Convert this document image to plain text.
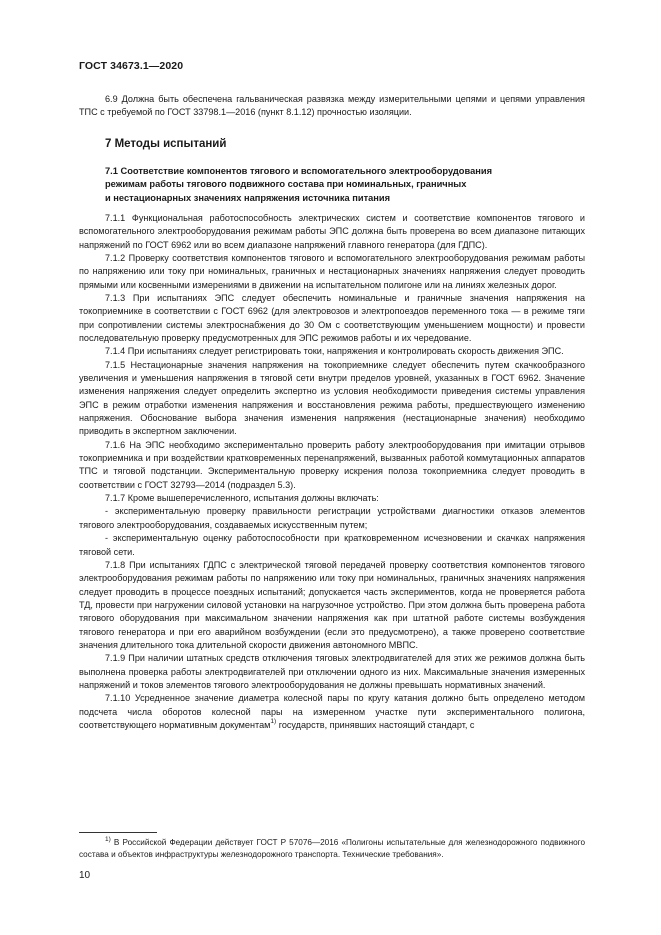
ГОСТ 34673.1—2020

6.9 Должна быть обеспечена гальваническая развязка между измерительными цепями и цепями управления ТПС с требуемой по ГОСТ 33798.1—2016 (пункт 8.1.12) прочностью изоляции.

7 Методы испытаний
7.1 Соответствие компонентов тягового и вспомогательного электрооборудования
режимам работы тягового подвижного состава при номинальных, граничных
и нестационарных значениях напряжения источника питания

7.1.1 Функциональная работоспособность электрических систем и соответствие компонентов тягового и вспомогательного электрооборудования режимам работы ЭПС должна быть проверена во всем диапазоне питающих напряжений по ГОСТ 6962 или во всем диапазоне напряжений главного генератора (для ГДПС).

7.1.2 Проверку соответствия компонентов тягового и вспомогательного электрооборудования режимам работы по напряжению или току при номинальных, граничных и нестационарных значениях напряжения следует проводить прямыми или косвенными измерениями в движении на испытательном полигоне или на линиях железных дорог.

7.1.3 При испытаниях ЭПС следует обеспечить номинальные и граничные значения напряжения на токоприемнике в соответствии с ГОСТ 6962 (для электровозов и электропоездов переменного тока — в режиме тяги при сопротивлении системы электроснабжения до 30 Ом с соответствующим уменьшением мощности) и провести последовательную проверку предусмотренных для ЭПС режимов работы и их чередование.

7.1.4 При испытаниях следует регистрировать токи, напряжения и контролировать скорость движения ЭПС.

7.1.5 Нестационарные значения напряжения на токоприемнике следует обеспечить путем скачкообразного увеличения и уменьшения напряжения в тяговой сети внутри пределов уровней, указанных в ГОСТ 6962. Значение изменения напряжения следует определить экспертно из условия необходимости приведения системы управления ЭПС в режим отработки изменения напряжения и восстановления режима работы, предшествующего изменению напряжения. Обоснование выбора значения изменения напряжения (нестационарные значения) необходимо приводить в экспертном заключении.

7.1.6 На ЭПС необходимо экспериментально проверить работу электрооборудования при имитации отрывов токоприемника и при воздействии кратковременных перенапряжений, вызванных работой коммутационных аппаратов ТПС и тяговой подстанции. Экспериментальную проверку искрения полоза токоприемника следует проводить в соответствии с ГОСТ 32793—2014 (подраздел 5.3).

7.1.7 Кроме вышеперечисленного, испытания должны включать:

- экспериментальную проверку правильности регистрации устройствами диагностики отказов элементов тягового электрооборудования, создаваемых искусственным путем;

- экспериментальную оценку работоспособности при кратковременном исчезновении и скачках напряжения тяговой сети.

7.1.8 При испытаниях ГДПС с электрической тяговой передачей проверку соответствия компонентов тягового электрооборудования режимам работы по напряжению или току при номинальных, граничных значениях напряжения следует проводить в процессе поездных испытаний; допускается часть экспериментов, когда не проверяется работа ТД, провести при нагружении силовой установки на нагрузочное устройство. При этом должна быть проверена работа тягового оборудования при максимальном значении напряжения как при штатной работе системы возбуждения тягового генератора и при его аварийном возбуждении (если это предусмотрено), а также проверено соответствие значения длительного тока длительной скорости движения автономного МВПС.

7.1.9 При наличии штатных средств отключения тяговых электродвигателей для этих же режимов должна быть выполнена проверка работы электродвигателей при отключении одного из них. Максимальные значения измеренных напряжений и токов элементов тягового электрооборудования не должны превышать нормативных значений.

7.1.10 Усредненное значение диаметра колесной пары по кругу катания должно быть определено методом подсчета числа оборотов колесной пары на измеренном участке пути экспериментального полигона, соответствующего нормативным документам$^{1)}$ государств, принявших настоящий стандарт, с

$^{1)}$ В Российской Федерации действует ГОСТ Р 57076—2016 «Полигоны испытательные для железнодорожного подвижного состава и объектов инфраструктуры железнодорожного транспорта. Технические требования».

10
